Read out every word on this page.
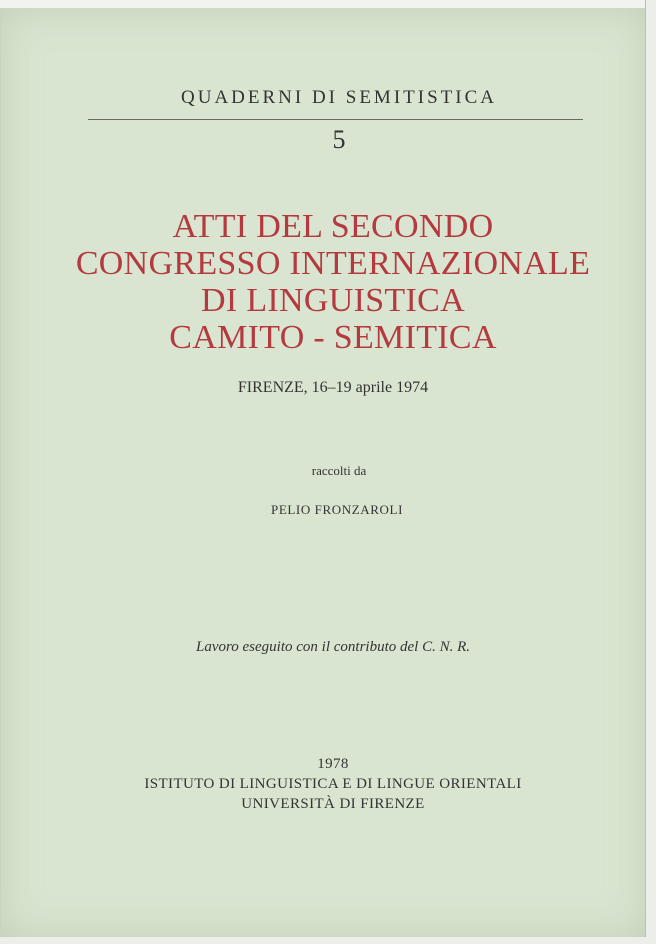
QUADERNI DI SEMITISTICA
5
ATTI DEL SECONDO
CONGRESSO INTERNAZIONALE
DI LINGUISTICA
CAMITO - SEMITICA
FIRENZE, 16–19 aprile 1974
raccolti da
PELIO FRONZAROLI
Lavoro eseguito con il contributo del C. N. R.
1978
ISTITUTO DI LINGUISTICA E DI LINGUE ORIENTALI
UNIVERSITÀ DI FIRENZE
